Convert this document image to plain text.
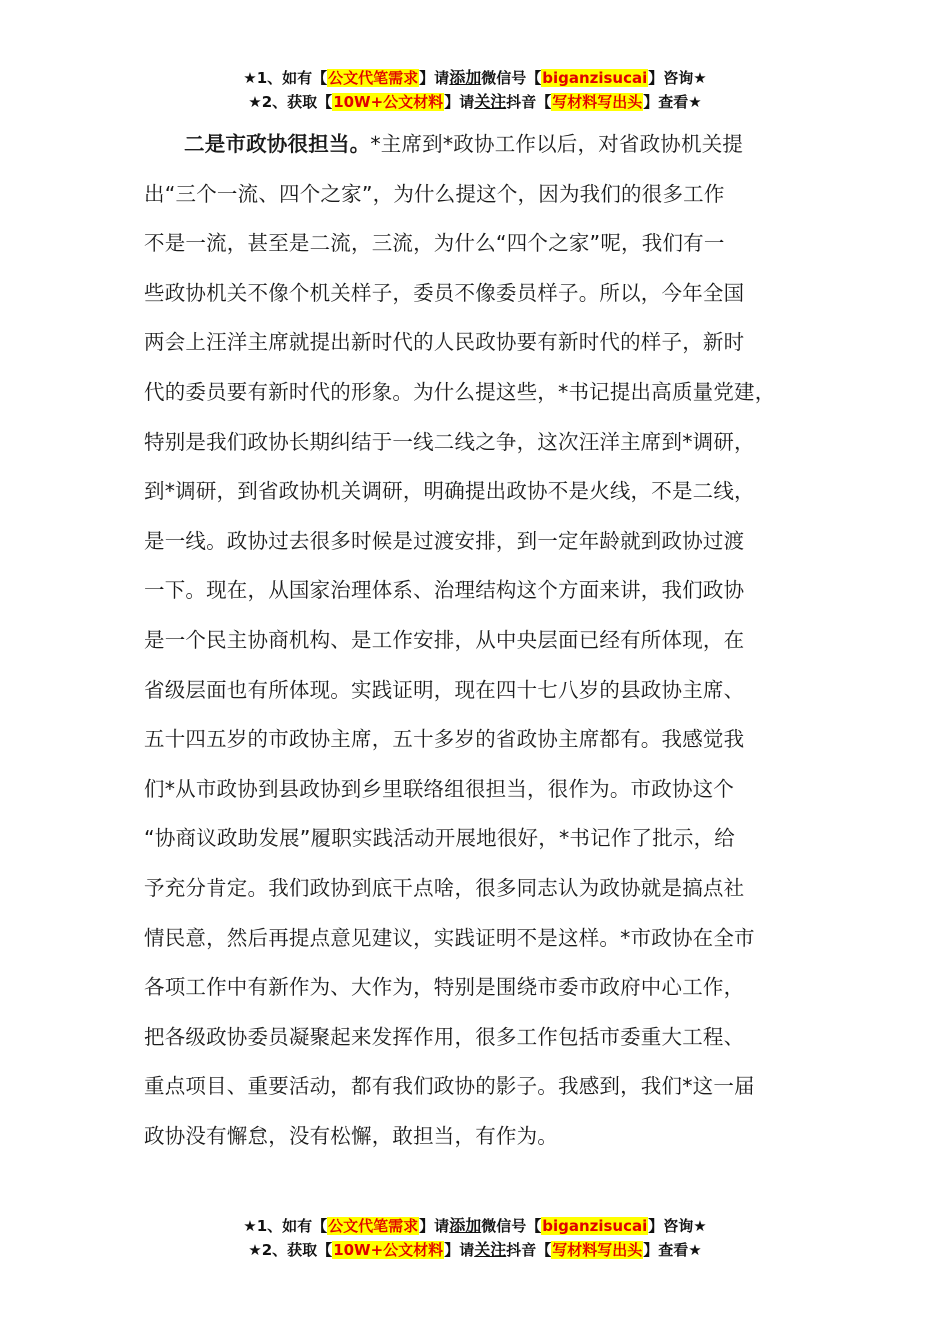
★1、如有【公文代笔需求】请添加微信号【biganzisucai】咨询★
★2、获取【10W+公文材料】请关注抖音【写材料写出头】查看★
二是市政协很担当。*主席到*政协工作以后，对省政协机关提
出“三个一流、四个之家”，为什么提这个，因为我们的很多工作
不是一流，甚至是二流，三流，为什么“四个之家”呢，我们有一
些政协机关不像个机关样子，委员不像委员样子。所以，今年全国
两会上汪洋主席就提出新时代的人民政协要有新时代的样子，新时
代的委员要有新时代的形象。为什么提这些，*书记提出高质量党建，
特别是我们政协长期纠结于一线二线之争，这次汪洋主席到*调研，
到*调研，到省政协机关调研，明确提出政协不是火线，不是二线，
是一线。政协过去很多时候是过渡安排，到一定年龄就到政协过渡
一下。现在，从国家治理体系、治理结构这个方面来讲，我们政协
是一个民主协商机构、是工作安排，从中央层面已经有所体现，在
省级层面也有所体现。实践证明，现在四十七八岁的县政协主席、
五十四五岁的市政协主席，五十多岁的省政协主席都有。我感觉我
们*从市政协到县政协到乡里联络组很担当，很作为。市政协这个
“协商议政助发展”履职实践活动开展地很好，*书记作了批示，给
予充分肯定。我们政协到底干点啥，很多同志认为政协就是搞点社
情民意，然后再提点意见建议，实践证明不是这样。*市政协在全市
各项工作中有新作为、大作为，特别是围绕市委市政府中心工作，
把各级政协委员凝聚起来发挥作用，很多工作包括市委重大工程、
重点项目、重要活动，都有我们政协的影子。我感到，我们*这一届
政协没有懈怠，没有松懈，敢担当，有作为。
★1、如有【公文代笔需求】请添加微信号【biganzisucai】咨询★
★2、获取【10W+公文材料】请关注抖音【写材料写出头】查看★
